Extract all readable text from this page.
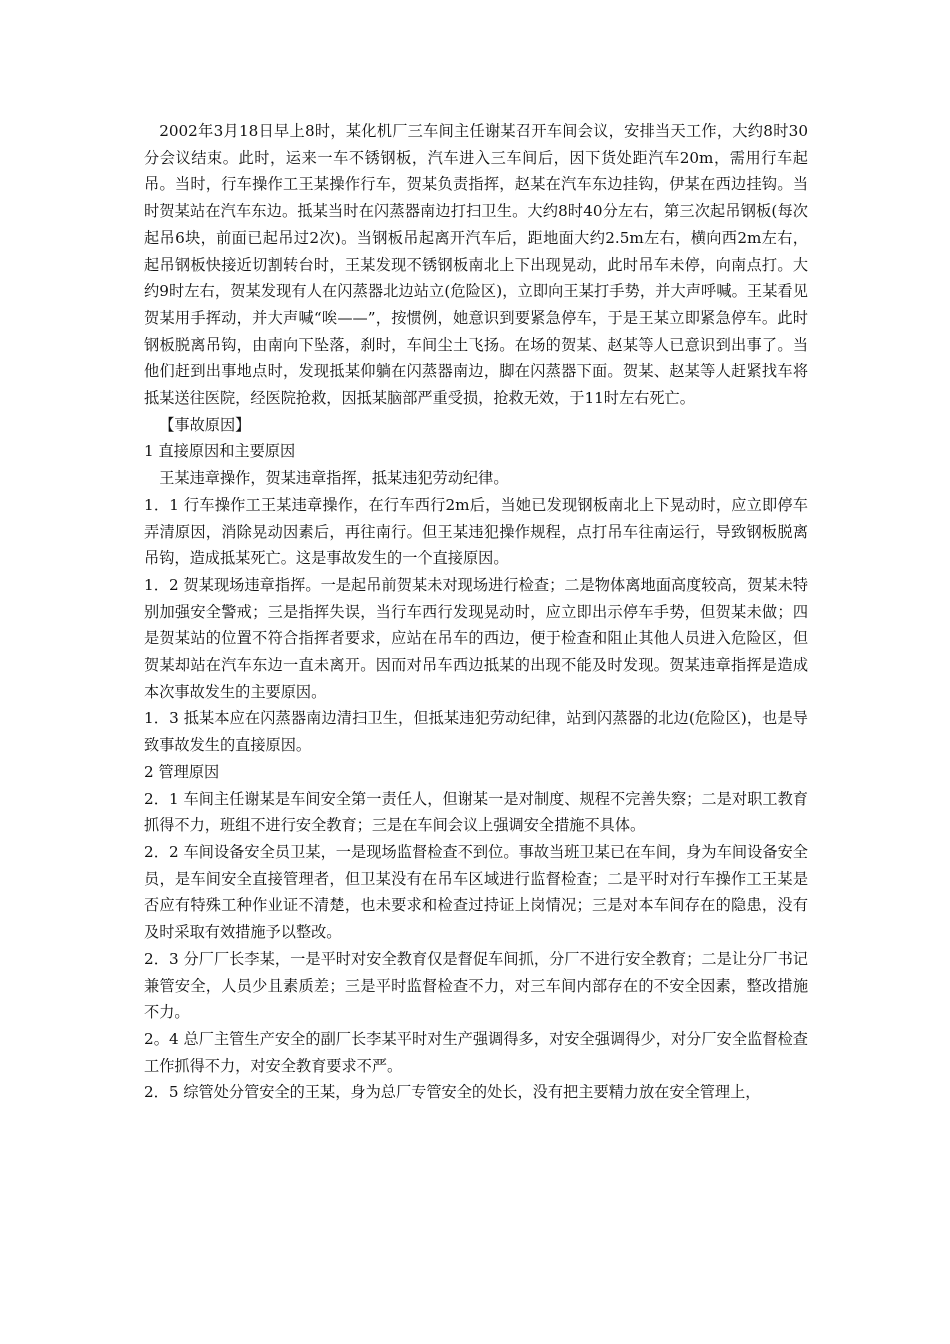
2002年3月18日早上8时，某化机厂三车间主任谢某召开车间会议，安排当天工作，大约8时30分会议结束。此时，运来一车不锈钢板，汽车进入三车间后，因下货处距汽车20m，需用行车起吊。当时，行车操作工王某操作行车，贺某负责指挥，赵某在汽车东边挂钩，伊某在西边挂钩。当时贺某站在汽车东边。抵某当时在闪蒸器南边打扫卫生。大约8时40分左右，第三次起吊钢板(每次起吊6块，前面已起吊过2次)。当钢板吊起离开汽车后，距地面大约2.5m左右，横向西2m左右，起吊钢板快接近切割转台时，王某发现不锈钢板南北上下出现晃动，此时吊车未停，向南点打。大约9时左右，贺某发现有人在闪蒸器北边站立(危险区)，立即向王某打手势，并大声呼喊。王某看见贺某用手挥动，并大声喊“唉——”，按惯例，她意识到要紧急停车，于是王某立即紧急停车。此时钢板脱离吊钩，由南向下坠落，刹时，车间尘土飞扬。在场的贺某、赵某等人已意识到出事了。当他们赶到出事地点时，发现抵某仰躺在闪蒸器南边，脚在闪蒸器下面。贺某、赵某等人赶紧找车将抵某送往医院，经医院抢救，因抵某脑部严重受损，抢救无效，于11时左右死亡。

【事故原因】

1 直接原因和主要原因

王某违章操作，贺某违章指挥，抵某违犯劳动纪律。

1．1 行车操作工王某违章操作，在行车西行2m后，当她已发现钢板南北上下晃动时，应立即停车弄清原因，消除晃动因素后，再往南行。但王某违犯操作规程，点打吊车往南运行，导致钢板脱离吊钩，造成抵某死亡。这是事故发生的一个直接原因。

1．2 贺某现场违章指挥。一是起吊前贺某未对现场进行检查；二是物体离地面高度较高，贺某未特别加强安全警戒；三是指挥失误，当行车西行发现晃动时，应立即出示停车手势，但贺某未做；四是贺某站的位置不符合指挥者要求，应站在吊车的西边，便于检查和阻止其他人员进入危险区，但贺某却站在汽车东边一直未离开。因而对吊车西边抵某的出现不能及时发现。贺某违章指挥是造成本次事故发生的主要原因。

1．3 抵某本应在闪蒸器南边清扫卫生，但抵某违犯劳动纪律，站到闪蒸器的北边(危险区)，也是导致事故发生的直接原因。

2 管理原因

2．1 车间主任谢某是车间安全第一责任人，但谢某一是对制度、规程不完善失察；二是对职工教育抓得不力，班组不进行安全教育；三是在车间会议上强调安全措施不具体。

2．2 车间设备安全员卫某，一是现场监督检查不到位。事故当班卫某已在车间，身为车间设备安全员，是车间安全直接管理者，但卫某没有在吊车区域进行监督检查；二是平时对行车操作工王某是否应有特殊工种作业证不清楚，也未要求和检查过持证上岗情况；三是对本车间存在的隐患，没有及时采取有效措施予以整改。

2．3 分厂厂长李某，一是平时对安全教育仅是督促车间抓，分厂不进行安全教育；二是让分厂书记兼管安全，人员少且素质差；三是平时监督检查不力，对三车间内部存在的不安全因素，整改措施不力。

2。4 总厂主管生产安全的副厂长李某平时对生产强调得多，对安全强调得少，对分厂安全监督检查工作抓得不力，对安全教育要求不严。

2．5 综管处分管安全的王某，身为总厂专管安全的处长，没有把主要精力放在安全管理上，
